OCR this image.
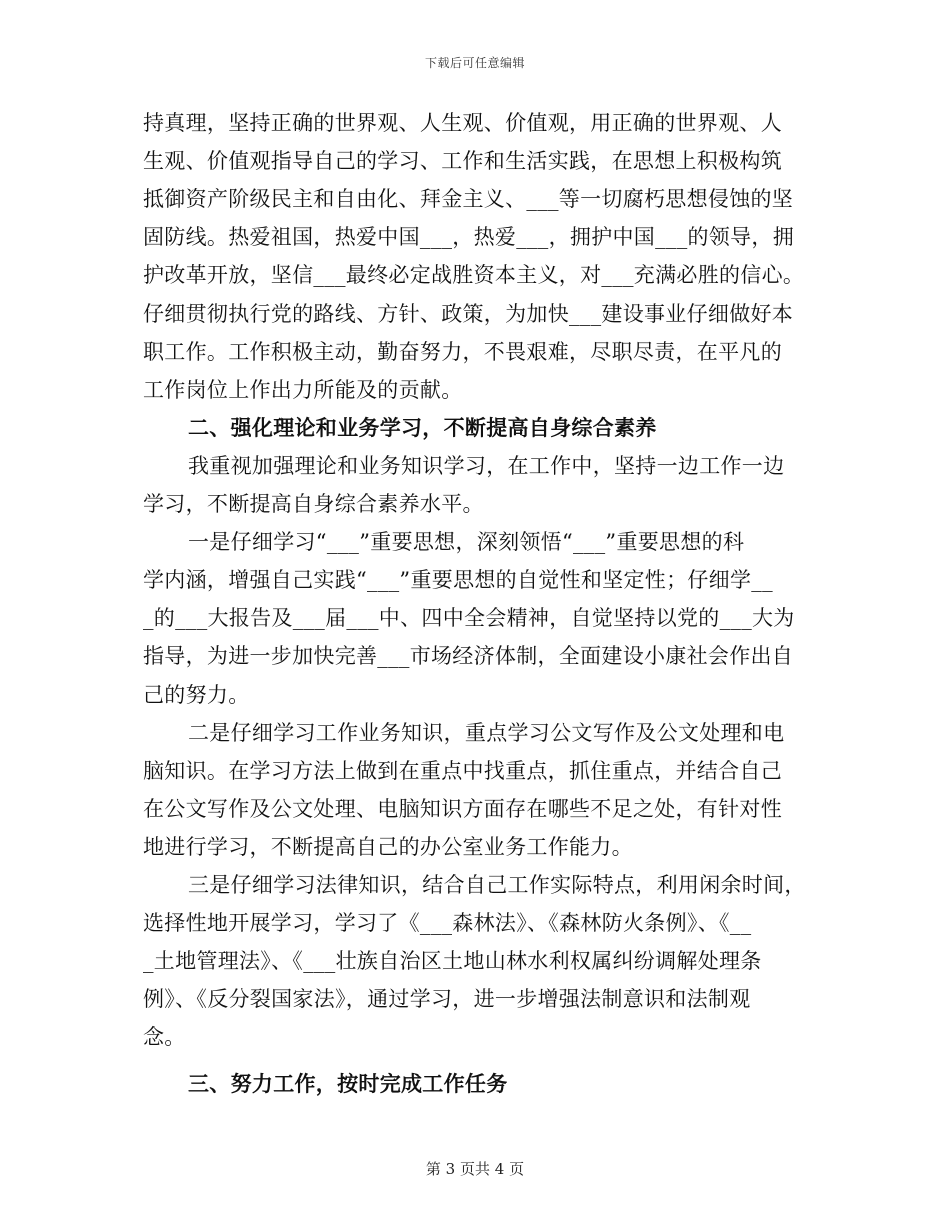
下载后可任意编辑
持真理，坚持正确的世界观、人生观、价值观，用正确的世界观、人
生观、价值观指导自己的学习、工作和生活实践，在思想上积极构筑
抵御资产阶级民主和自由化、拜金主义、___等一切腐朽思想侵蚀的坚
固防线。热爱祖国，热爱中国___，热爱___，拥护中国___的领导，拥
护改革开放，坚信___最终必定战胜资本主义，对___充满必胜的信心。
仔细贯彻执行党的路线、方针、政策，为加快___建设事业仔细做好本
职工作。工作积极主动，勤奋努力，不畏艰难，尽职尽责，在平凡的
工作岗位上作出力所能及的贡献。
二、强化理论和业务学习，不断提高自身综合素养
我重视加强理论和业务知识学习，在工作中，坚持一边工作一边
学习，不断提高自身综合素养水平。
一是仔细学习“___”重要思想，深刻领悟“___”重要思想的科
学内涵，增强自己实践“___”重要思想的自觉性和坚定性；仔细学__
_的___大报告及___届___中、四中全会精神，自觉坚持以党的___大为
指导，为进一步加快完善___市场经济体制，全面建设小康社会作出自
己的努力。
二是仔细学习工作业务知识，重点学习公文写作及公文处理和电
脑知识。在学习方法上做到在重点中找重点，抓住重点，并结合自己
在公文写作及公文处理、电脑知识方面存在哪些不足之处，有针对性
地进行学习，不断提高自己的办公室业务工作能力。
三是仔细学习法律知识，结合自己工作实际特点，利用闲余时间，
选择性地开展学习，学习了《___森林法》、《森林防火条例》、《__
_土地管理法》、《___壮族自治区土地山林水利权属纠纷调解处理条
例》、《反分裂国家法》，通过学习，进一步增强法制意识和法制观
念。
三、努力工作，按时完成工作任务
第 3 页共 4 页
